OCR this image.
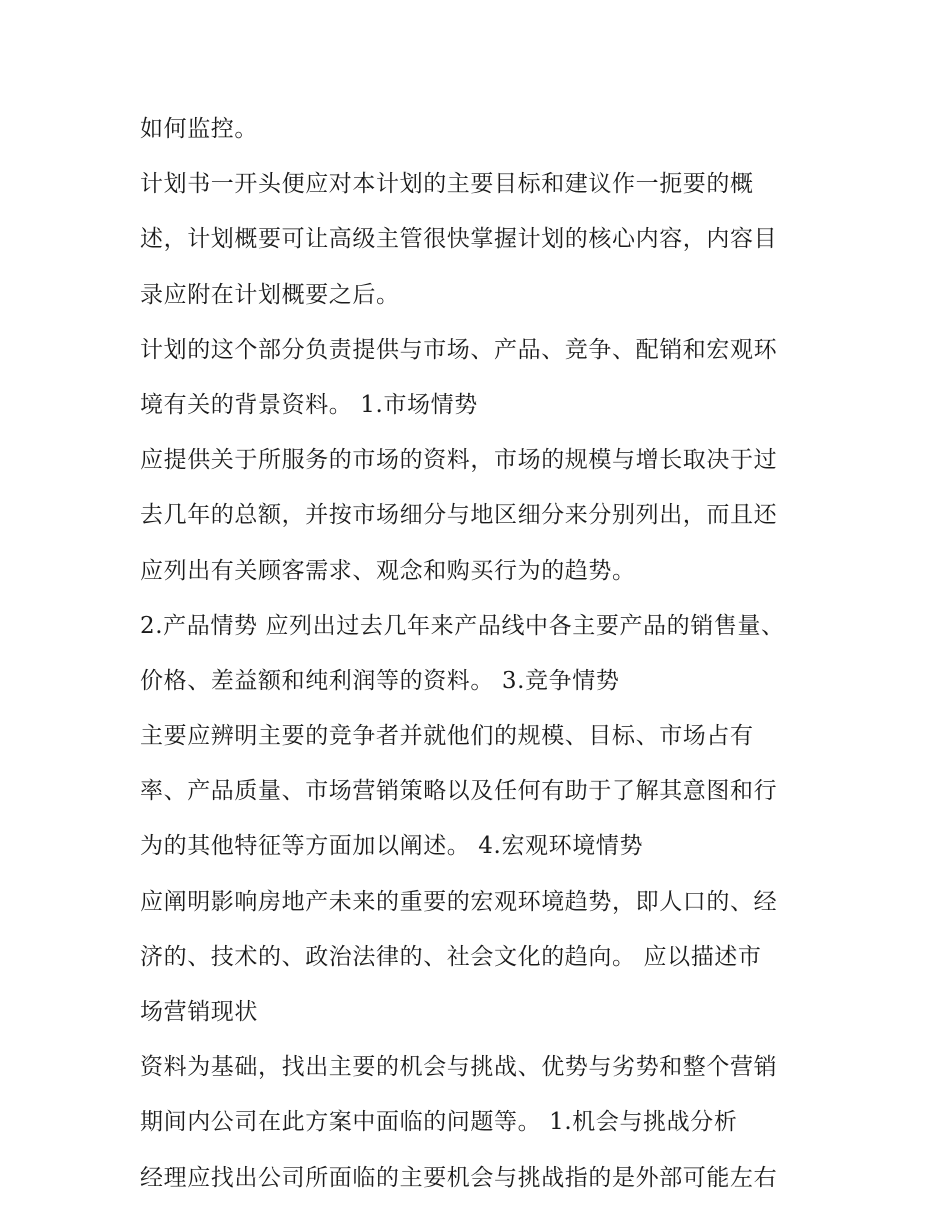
如何监控。
计划书一开头便应对本计划的主要目标和建议作一扼要的概
述，计划概要可让高级主管很快掌握计划的核心内容，内容目
录应附在计划概要之后。
计划的这个部分负责提供与市场、产品、竞争、配销和宏观环
境有关的背景资料。 1.市场情势
应提供关于所服务的市场的资料，市场的规模与增长取决于过
去几年的总额，并按市场细分与地区细分来分别列出，而且还
应列出有关顾客需求、观念和购买行为的趋势。
2.产品情势 应列出过去几年来产品线中各主要产品的销售量、
价格、差益额和纯利润等的资料。 3.竞争情势
主要应辨明主要的竞争者并就他们的规模、目标、市场占有
率、产品质量、市场营销策略以及任何有助于了解其意图和行
为的其他特征等方面加以阐述。 4.宏观环境情势
应阐明影响房地产未来的重要的宏观环境趋势，即人口的、经
济的、技术的、政治法律的、社会文化的趋向。 应以描述市
场营销现状
资料为基础，找出主要的机会与挑战、优势与劣势和整个营销
期间内公司在此方案中面临的问题等。 1.机会与挑战分析
经理应找出公司所面临的主要机会与挑战指的是外部可能左右
